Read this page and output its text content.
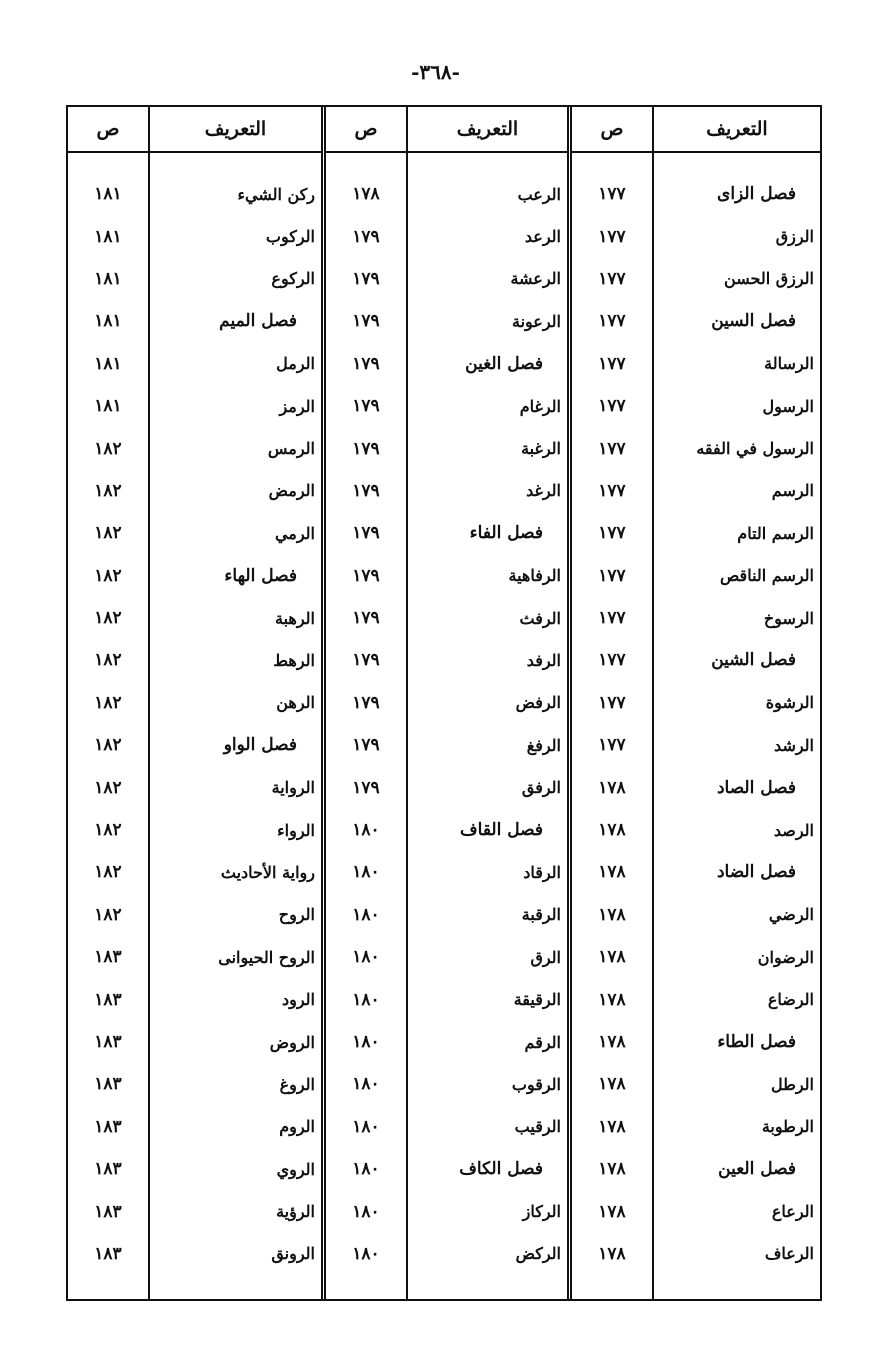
-٣٦٨-
التعريف
ص
فصل الزاى
الرزق
الرزق الحسن
فصل السين
الرسالة
الرسول
الرسول في الفقه
الرسم
الرسم التام
الرسم الناقص
الرسوخ
فصل الشين
الرشوة
الرشد
فصل الصاد
الرصد
فصل الضاد
الرضي
الرضوان
الرضاع
فصل الطاء
الرطل
الرطوبة
فصل العين
الرعاع
الرعاف
١٧٧
١٧٧
١٧٧
١٧٧
١٧٧
١٧٧
١٧٧
١٧٧
١٧٧
١٧٧
١٧٧
١٧٧
١٧٧
١٧٧
١٧٨
١٧٨
١٧٨
١٧٨
١٧٨
١٧٨
١٧٨
١٧٨
١٧٨
١٧٨
١٧٨
١٧٨
التعريف
ص
الرعب
الرعد
الرعشة
الرعونة
فصل الغين
الرغام
الرغبة
الرغد
فصل الفاء
الرفاهية
الرفث
الرفد
الرفض
الرفغ
الرفق
فصل القاف
الرقاد
الرقبة
الرق
الرقيقة
الرقم
الرقوب
الرقيب
فصل الكاف
الركاز
الركض
١٧٨
١٧٩
١٧٩
١٧٩
١٧٩
١٧٩
١٧٩
١٧٩
١٧٩
١٧٩
١٧٩
١٧٩
١٧٩
١٧٩
١٧٩
١٨٠
١٨٠
١٨٠
١٨٠
١٨٠
١٨٠
١٨٠
١٨٠
١٨٠
١٨٠
١٨٠
التعريف
ص
ركن الشيء
الركوب
الركوع
فصل الميم
الرمل
الرمز
الرمس
الرمض
الرمي
فصل الهاء
الرهبة
الرهط
الرهن
فصل الواو
الرواية
الرواء
رواية الأحاديث
الروح
الروح الحيوانى
الرود
الروض
الروغ
الروم
الروي
الرؤية
الرونق
١٨١
١٨١
١٨١
١٨١
١٨١
١٨١
١٨٢
١٨٢
١٨٢
١٨٢
١٨٢
١٨٢
١٨٢
١٨٢
١٨٢
١٨٢
١٨٢
١٨٢
١٨٣
١٨٣
١٨٣
١٨٣
١٨٣
١٨٣
١٨٣
١٨٣
